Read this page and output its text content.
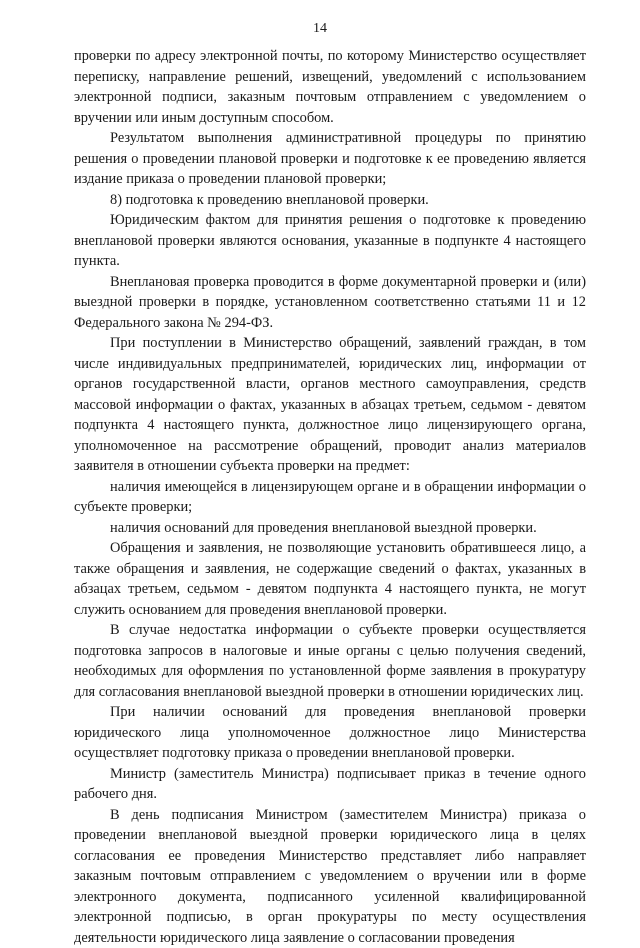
14

проверки по адресу электронной почты, по которому Министерство осуществляет переписку, направление решений, извещений, уведомлений с использованием электронной подписи, заказным почтовым отправлением с уведомлением о вручении или иным доступным способом.

Результатом выполнения административной процедуры по принятию решения о проведении плановой проверки и подготовке к ее проведению является издание приказа о проведении плановой проверки;

8) подготовка к проведению внеплановой проверки.

Юридическим фактом для принятия решения о подготовке к проведению внеплановой проверки являются основания, указанные в подпункте 4 настоящего пункта.

Внеплановая проверка проводится в форме документарной проверки и (или) выездной проверки в порядке, установленном соответственно статьями 11 и 12 Федерального закона № 294-ФЗ.

При поступлении в Министерство обращений, заявлений граждан, в том числе индивидуальных предпринимателей, юридических лиц, информации от органов государственной власти, органов местного самоуправления, средств массовой информации о фактах, указанных в абзацах третьем, седьмом - девятом подпункта 4 настоящего пункта, должностное лицо лицензирующего органа, уполномоченное на рассмотрение обращений, проводит анализ материалов заявителя в отношении субъекта проверки на предмет:

наличия имеющейся в лицензирующем органе и в обращении информации о субъекте проверки;

наличия оснований для проведения внеплановой выездной проверки.

Обращения и заявления, не позволяющие установить обратившееся лицо, а также обращения и заявления, не содержащие сведений о фактах, указанных в абзацах третьем, седьмом - девятом подпункта 4 настоящего пункта, не могут служить основанием для проведения внеплановой проверки.

В случае недостатка информации о субъекте проверки осуществляется подготовка запросов в налоговые и иные органы с целью получения сведений, необходимых для оформления по установленной форме заявления в прокуратуру для согласования внеплановой выездной проверки в отношении юридических лиц.

При наличии оснований для проведения внеплановой проверки юридического лица уполномоченное должностное лицо Министерства осуществляет подготовку приказа о проведении внеплановой проверки.

Министр (заместитель Министра) подписывает приказ в течение одного рабочего дня.

В день подписания Министром (заместителем Министра) приказа о проведении внеплановой выездной проверки юридического лица в целях согласования ее проведения Министерство представляет либо направляет заказным почтовым отправлением с уведомлением о вручении или в форме электронного документа, подписанного усиленной квалифицированной электронной подписью, в орган прокуратуры по месту осуществления деятельности юридического лица заявление о согласовании проведения
